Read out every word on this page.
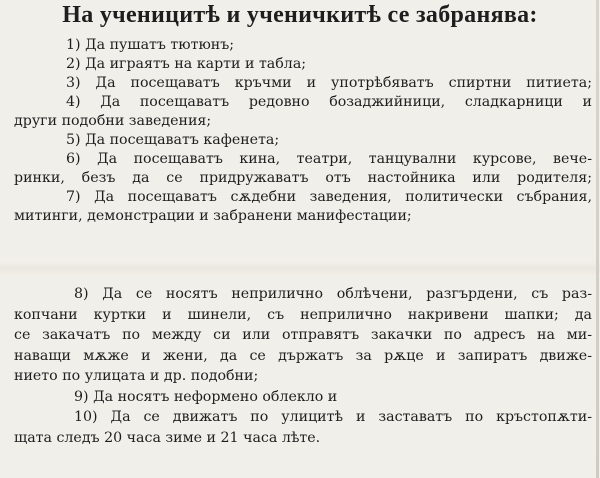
На ученицитѣ и ученичкитѣ се забранява:
1) Да пушатъ тютюнъ;
2) Да играятъ на карти и табла;
3) Да посещаватъ кръчми и употрѣбяватъ спиртни питиета;
4) Да посещаватъ редовно бозаджийници, сладкарници и
други подобни заведения;
5) Да посещаватъ кафенета;
6) Да посещаватъ кина, театри, танцувални курсове, вече-
ринки, безъ да се придружаватъ отъ настойника или родителя;
7) Да посещаватъ сѫдебни заведения, политически събрания,
митинги, демонстрации и забранени манифестации;
8) Да се носятъ неприлично облѣчени, разгърдени, съ раз-
копчани куртки и шинели, съ неприлично накривени шапки; да
се закачатъ по между си или отправятъ закачки по адресъ на ми-
наващи мѫже и жени, да се държатъ за рѫце и запиратъ движе-
нието по улицата и др. подобни;
9) Да носятъ неформено облекло и
10) Да се движатъ по улицитѣ и заставатъ по кръстопѫти-
щата следъ 20 часа зиме и 21 часа лѣте.
